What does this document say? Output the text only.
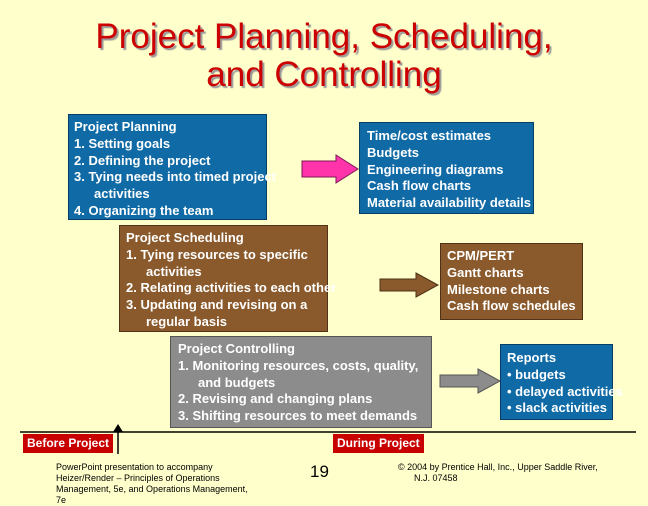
Project Planning, Scheduling,
and Controlling
Project Planning
1. Setting goals
2. Defining the project
3. Tying needs into timed project
activities
4. Organizing the team
Time/cost estimates
Budgets
Engineering diagrams
Cash flow charts
Material availability details
Project Scheduling
1. Tying resources to specific
activities
2. Relating activities to each other
3. Updating and revising on a
regular basis
CPM/PERT
Gantt charts
Milestone charts
Cash flow schedules
Project Controlling
1. Monitoring resources, costs, quality,
and budgets
2. Revising and changing plans
3. Shifting resources to meet demands
Reports
• budgets
• delayed activities
• slack activities
Before Project	During Project
PowerPoint presentation to accompany
Heizer/Render – Principles of Operations
Management, 5e, and Operations Management,
7e
19	© 2004 by Prentice Hall, Inc., Upper Saddle River,
N.J. 07458
